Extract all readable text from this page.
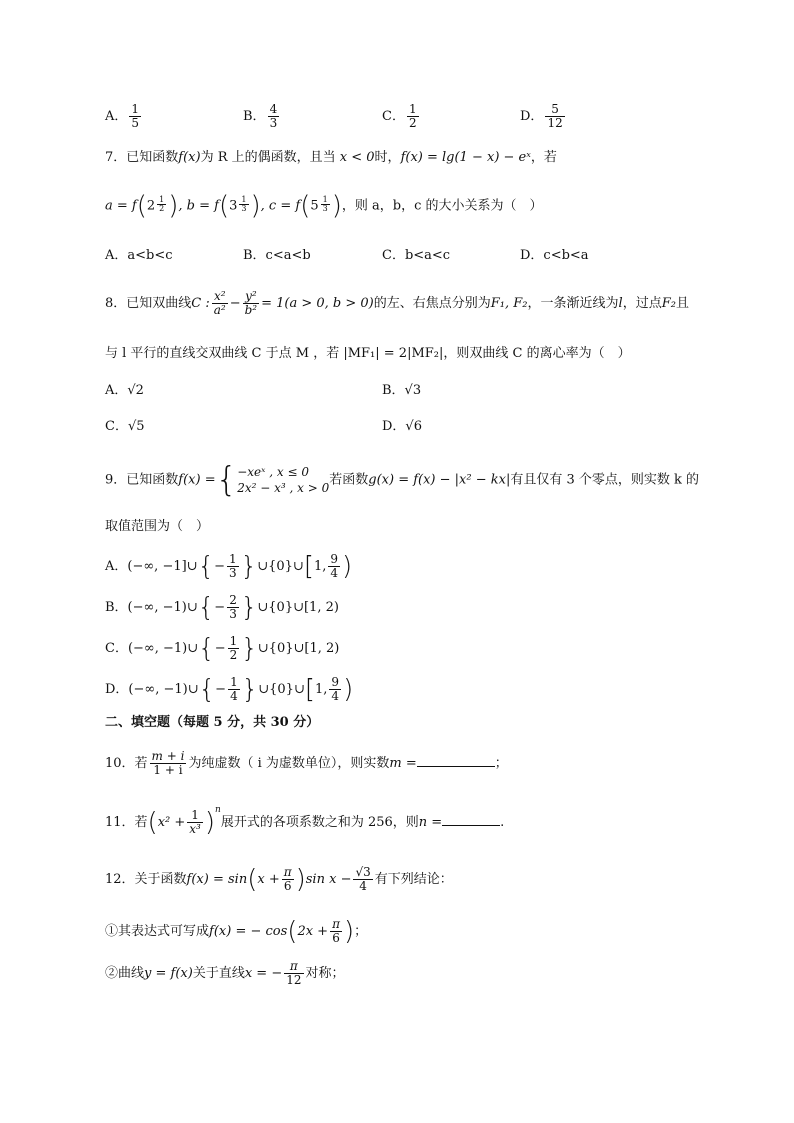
A． $\frac{1}{5}$	B． $\frac{4}{3}$	C． $\frac{1}{2}$	D． $\frac{5}{12}$
7．已知函数f(x)为 R 上的偶函数，且当 x < 0时，f(x) = lg(1 − x) − eˣ，若
$a = f(2 \frac{1}{2}$ ), $b = f(3 \frac{1}{3}$ ), $c = f(5 \frac{1}{3}$ )，则 a，b，c 的大小关系为（　）
A．a<b<c	B．c<a<b	C．b<a<c	D．c<b<a
8．已知双曲线C : $\frac{\text{x²}}{\text{a²}} - \frac{\text{y²}}{\text{b²}} = 1(a > 0$, b > 0)的左、右焦点分别为F₁, F₂，一条渐近线为l，过点F₂且
与 l 平行的直线交双曲线 C 于点 M ，若 |MF₁| = 2|MF₂|，则双曲线 C 的离心率为（　）
A．√2	B．√3
C．√5	D．√6
9．已知函数f(x) ={ −xeˣ , x ≤ 0
2x² − x³ , x > 0
若函数g(x) = f(x) − |x² − kx|有且仅有 3 个零点，则实数 k 的
取值范围为（　）
A．(−∞, −1]∪{− $\frac{1}{3}$ }∪{0}∪[1, $\frac{9}{4}$ )
B．(−∞, −1)∪{− $\frac{2}{3}$ }∪{0}∪[1, 2)
C．(−∞, −1)∪{− $\frac{1}{2}$ }∪{0}∪[1, 2)
D．(−∞, −1)∪{− $\frac{1}{4}$ }∪{0}∪[1, $\frac{9}{4}$ )
二、填空题（每题 5 分，共 30 分）
10．若 $\frac{m + i}{1 + i}$ 为纯虚数（ i 为虚数单位），则实数m =	；
11．若$(x^2 + \frac{1}{\text{x³}} )^n$展开式的各项系数之和为 256，则n =	.
12．关于函数$f(x) = \sin(x + \frac{\pi}{6} )\sin$ $x - \frac{√3}{4}$ 有下列结论：
①其表达式可写成f(x) = − $\cos(2x + \frac{\pi}{6}$ )；
②曲线y = f(x)关于直线x = − $\frac{\pi}{12}$ 对称；
